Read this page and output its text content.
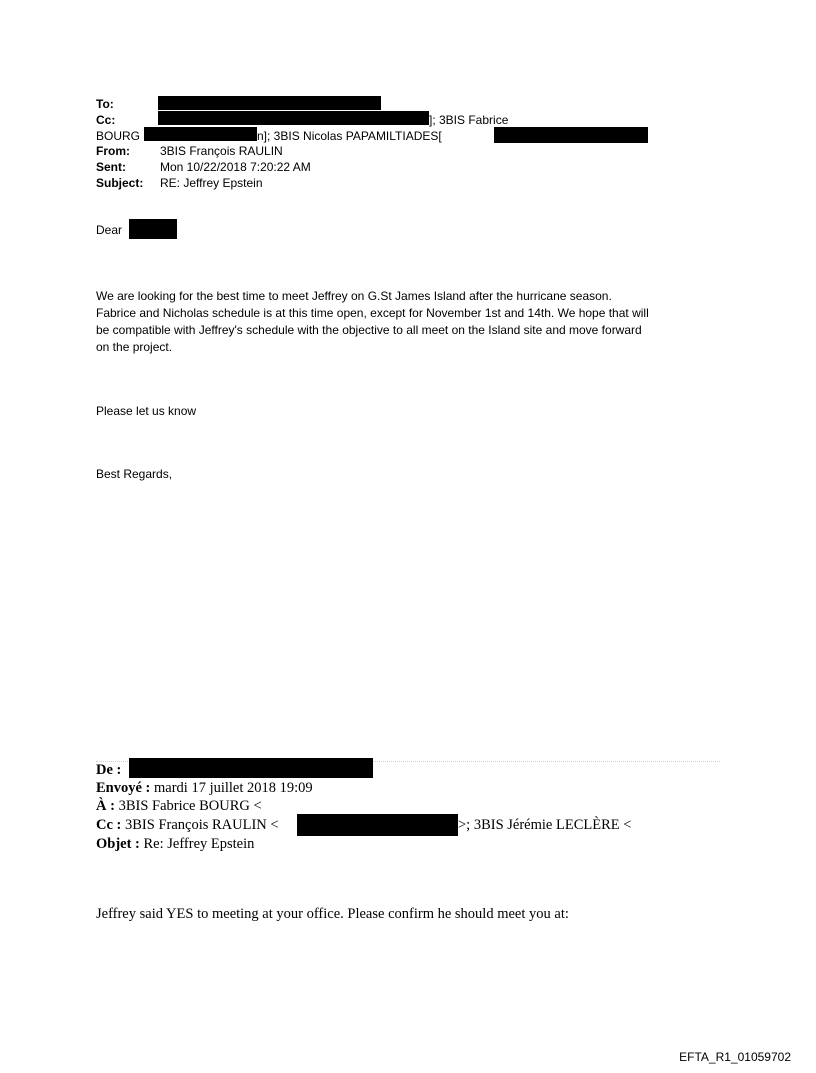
To:
Cc:	]; 3BIS Fabrice
BOURG	n]; 3BIS Nicolas PAPAMILTIADES[
From:	3BIS François RAULIN
Sent:	Mon 10/22/2018 7:20:22 AM
Subject: RE: Jeffrey Epstein
Dear
We are looking for the best time to meet Jeffrey on G.St James Island after the hurricane season.
Fabrice and Nicholas schedule is at this time open, except for November 1st and 14th. We hope that will
be compatible with Jeffrey's schedule with the objective to all meet on the Island site and move forward
on the project.
Please let us know
Best Regards,
De :
Envoyé : mardi 17 juillet 2018 19:09
À : 3BIS Fabrice BOURG <
Cc : 3BIS François RAULIN <	>; 3BIS Jérémie LECLÈRE <
Objet : Re: Jeffrey Epstein
Jeffrey said YES to meeting at your office. Please confirm he should meet you at:
EFTA_R1_01059702
